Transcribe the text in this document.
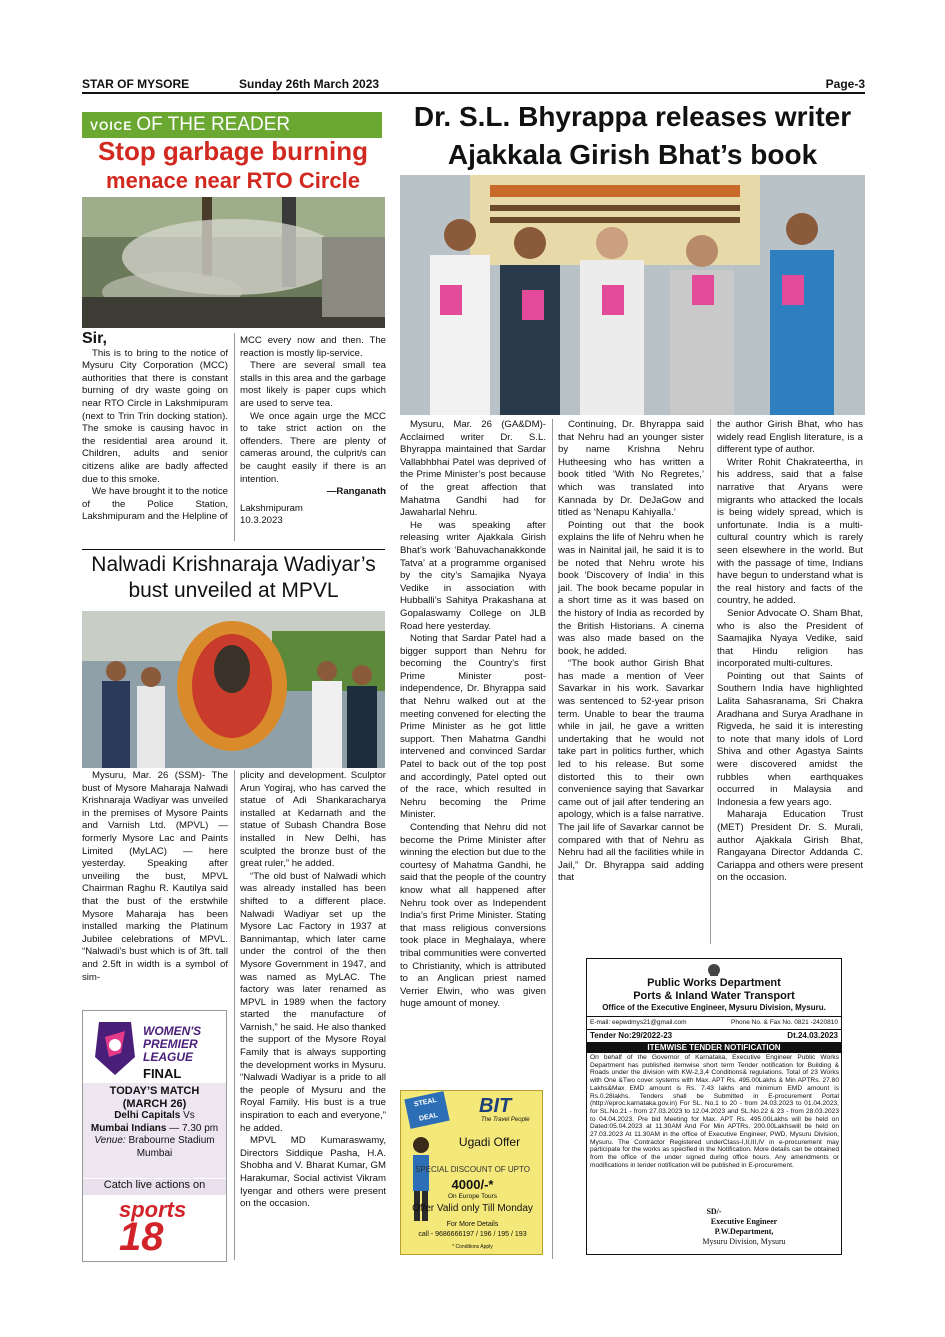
STAR OF MYSORE	Sunday 26th March 2023	Page-3
VOICE OF THE READER
Stop garbage burning
menace near RTO Circle

Sir,

This is to bring to the notice of Mysuru City Corporation (MCC) authorities that there is constant burning of dry waste going on near RTO Circle in Lakshmipuram (next to Trin Trin docking station). The smoke is causing havoc in the residential area around it. Children, adults and senior citizens alike are badly affected due to this smoke.

We have brought it to the notice of the Police Station, Lakshmipuram and the Helpline of

MCC every now and then. The reaction is mostly lip-service.

There are several small tea stalls in this area and the garbage most likely is paper cups which are used to serve tea.

We once again urge the MCC to take strict action on the offenders. There are plenty of cameras around, the culprit/s can be caught easily if there is an intention.

—Ranganath

Lakshmipuram

10.3.2023

Nalwadi Krishnaraja Wadiyar’s
bust unveiled at MPVL

Mysuru, Mar. 26 (SSM)- The bust of Mysore Maharaja Nalwadi Krishnaraja Wadiyar was unveiled in the premises of Mysore Paints and Varnish Ltd. (MPVL) — formerly Mysore Lac and Paints Limited (MyLAC) — here yesterday. Speaking after unveiling the bust, MPVL Chairman Raghu R. Kautilya said that the bust of the erstwhile Mysore Maharaja has been installed marking the Platinum Jubilee celebrations of MPVL. “Nalwadi’s bust which is of 3ft. tall and 2.5ft in width is a symbol of sim-

plicity and development. Sculptor Arun Yogiraj, who has carved the statue of Adi Shankaracharya installed at Kedarnath and the statue of Subash Chandra Bose installed in New Delhi, has sculpted the bronze bust of the great ruler,” he added.

“The old bust of Nalwadi which was already installed has been shifted to a different place. Nalwadi Wadiyar set up the Mysore Lac Factory in 1937 at Bannimantap, which later came under the control of the then Mysore Government in 1947, and was named as MyLAC. The factory was later renamed as MPVL in 1989 when the factory started the manufacture of Varnish,” he said. He also thanked the support of the Mysore Royal Family that is always supporting the development works in Mysuru. “Nalwadi Wadiyar is a pride to all the people of Mysuru and the Royal Family. His bust is a true inspiration to each and everyone,” he added.

MPVL MD Kumaraswamy, Directors Siddique Pasha, H.A. Shobha and V. Bharat Kumar, GM Harakumar, Social activist Vikram Iyengar and others were present on the occasion.

WOMEN'S
PREMIER
LEAGUE
FINAL
TODAY’S MATCH
(MARCH 26)
Delhi Capitals Vs
Mumbai Indians — 7.30 pm
Venue: Brabourne Stadium
Mumbai
Catch live actions on
sports
18
Dr. S.L. Bhyrappa releases writer
Ajakkala Girish Bhat’s book

Mysuru, Mar. 26 (GA&DM)- Acclaimed writer Dr. S.L. Bhyrappa maintained that Sardar Vallabhbhai Patel was deprived of the Prime Minister’s post because of the great affection that Mahatma Gandhi had for Jawaharlal Nehru.

He was speaking after releasing writer Ajakkala Girish Bhat’s work ‘Bahuvachanakkonde Tatva’ at a programme organised by the city’s Samajika Nyaya Vedike in association with Hubballi’s Sahitya Prakashana at Gopalaswamy College on JLB Road here yesterday.

Noting that Sardar Patel had a bigger support than Nehru for becoming the Country’s first Prime Minister post-independence, Dr. Bhyrappa said that Nehru walked out at the meeting convened for electing the Prime Minister as he got little support. Then Mahatma Gandhi intervened and convinced Sardar Patel to back out of the top post and accordingly, Patel opted out of the race, which resulted in Nehru becoming the Prime Minister.

Contending that Nehru did not become the Prime Minister after winning the election but due to the courtesy of Mahatma Gandhi, he said that the people of the country know what all happened after Nehru took over as Independent India’s first Prime Minister. Stating that mass religious conversions took place in Meghalaya, where tribal communities were converted to Christianity, which is attributed to an Anglican priest named Verrier Elwin, who was given huge amount of money.

Continuing, Dr. Bhyrappa said that Nehru had an younger sister by name Krishna Nehru Hutheesing who has written a book titled ‘With No Regretes,’ which was translated into Kannada by Dr. DeJaGow and titled as ‘Nenapu Kahiyalla.’

Pointing out that the book explains the life of Nehru when he was in Nainital jail, he said it is to be noted that Nehru wrote his book ‘Discovery of India’ in this jail. The book became popular in a short time as it was based on the history of India as recorded by the British Historians. A cinema was also made based on the book, he added.

“The book author Girish Bhat has made a mention of Veer Savarkar in his work. Savarkar was sentenced to 52-year prison term. Unable to bear the trauma while in jail, he gave a written undertaking that he would not take part in politics further, which led to his release. But some distorted this to their own convenience saying that Savarkar came out of jail after tendering an apology, which is a false narrative. The jail life of Savarkar cannot be compared with that of Nehru as Nehru had all the facilities while in Jail,” Dr. Bhyrappa said adding that

the author Girish Bhat, who has widely read English literature, is a different type of author.

Writer Rohit Chakrateertha, in his address, said that a false narrative that Aryans were migrants who attacked the locals is being widely spread, which is unfortunate. India is a multi-cultural country which is rarely seen elsewhere in the world. But with the passage of time, Indians have begun to understand what is the real history and facts of the country, he added.

Senior Advocate O. Sham Bhat, who is also the President of Saamajika Nyaya Vedike, said that Hindu religion has incorporated multi-cultures.

Pointing out that Saints of Southern India have highlighted Lalita Sahasranama, Sri Chakra Aradhana and Surya Aradhane in Rigveda, he said it is interesting to note that many idols of Lord Shiva and other Agastya Saints were discovered amidst the rubbles when earthquakes occurred in Malaysia and Indonesia a few years ago.

Maharaja Education Trust (MET) President Dr. S. Murali, author Ajakkala Girish Bhat, Rangayana Director Addanda C. Cariappa and others were present on the occasion.

STEAL DEAL
BIT
The Travel People
Ugadi Offer
SPECIAL DISCOUNT OF UPTO
4000/-*
On Europe Tours
Offer Valid only Till Monday
For More Details
call - 9686666197 / 196 / 195 / 193
* Conditions Apply
Public Works Department
Ports & Inland Water Transport
Office of the Executive Engineer, Mysuru Division, Mysuru.
E-mail: eepwdmys21@gmail.com	Phone No. & Fax No. 0821 -2420810
Tender No:29/2022-23	Dt.24.03.2023
ITEMWISE TENDER NOTIFICATION
On behalf of the Governor of Karnataka, Executive Engineer Public Works Department has published itemwise short term Tender notification for Building & Roads under the division with KW-2,3,4 Conditions& regulations. Total of 23 Works with One &Two cover systems with Max. APT Rs. 495.00Lakhs & Min APTRs. 27.80 Lakhs&Max EMD amount is Rs. 7.43 lakhs and minimum EMD amount is Rs.0.28lakhs. Tenders shall be Submitted in E-procurement Portal (http://eproc.karnataka.gov.in) For SL. No.1 to 20 - from 24.03.2023 to 01.04.2023, for SL.No.21 - from 27.03.2023 to 12.04.2023 and SL.No.22 & 23 - from 28.03.2023 to 04.04.2023. Pre bid Meeting for Max. APT Rs. 495.00Lakhs will be held on Dated:05.04.2023 at 11.30AM And For Min APTRs. 200.00Lakhswill be held on 27.03.2023 At 11.30AM in the office of Executive Engineer, PWD, Mysuru Division, Mysuru. The Contractor Registered underClass-I,II,III,IV in e-procurement may participate for the works as specified in the Notification. More details can be obtained from the office of the under signed during office hours. Any amendments or modifications in tender notification will be published in E-procurement.
SD/-
Executive Engineer
P.W.Department,
Mysuru Division, Mysuru
